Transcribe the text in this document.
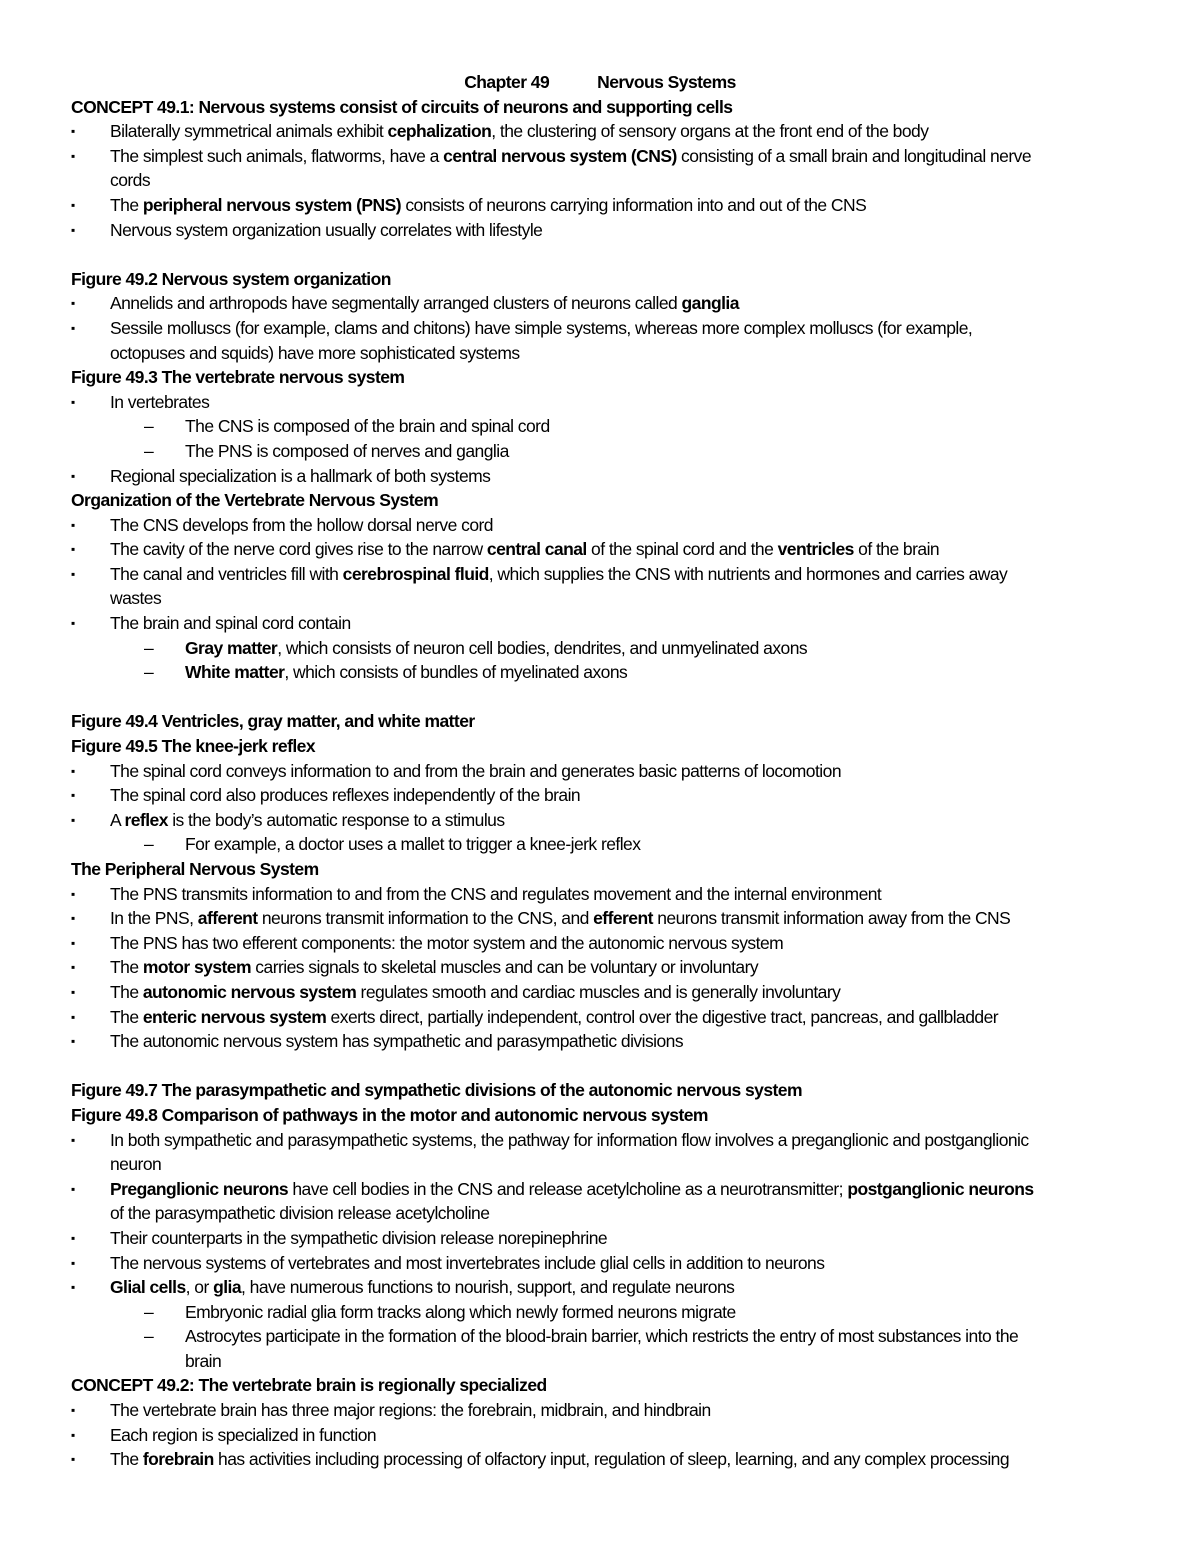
Chapter 49	Nervous Systems
CONCEPT 49.1: Nervous systems consist of circuits of neurons and supporting cells
▪ Bilaterally symmetrical animals exhibit cephalization, the clustering of sensory organs at the front end of the body
▪ The simplest such animals, flatworms, have a central nervous system (CNS) consisting of a small brain and longitudinal nerve
cords
▪ The peripheral nervous system (PNS) consists of neurons carrying information into and out of the CNS
▪ Nervous system organization usually correlates with lifestyle
Figure 49.2 Nervous system organization
▪ Annelids and arthropods have segmentally arranged clusters of neurons called ganglia
▪ Sessile molluscs (for example, clams and chitons) have simple systems, whereas more complex molluscs (for example,
octopuses and squids) have more sophisticated systems
Figure 49.3 The vertebrate nervous system
▪ In vertebrates
– The CNS is composed of the brain and spinal cord
– The PNS is composed of nerves and ganglia
▪ Regional specialization is a hallmark of both systems
Organization of the Vertebrate Nervous System
▪ The CNS develops from the hollow dorsal nerve cord
▪ The cavity of the nerve cord gives rise to the narrow central canal of the spinal cord and the ventricles of the brain
▪ The canal and ventricles fill with cerebrospinal fluid, which supplies the CNS with nutrients and hormones and carries away
wastes
▪ The brain and spinal cord contain
– Gray matter, which consists of neuron cell bodies, dendrites, and unmyelinated axons
– White matter, which consists of bundles of myelinated axons
Figure 49.4 Ventricles, gray matter, and white matter
Figure 49.5 The knee-jerk reflex
▪ The spinal cord conveys information to and from the brain and generates basic patterns of locomotion
▪ The spinal cord also produces reflexes independently of the brain
▪ A reflex is the body’s automatic response to a stimulus
– For example, a doctor uses a mallet to trigger a knee-jerk reflex
The Peripheral Nervous System
▪ The PNS transmits information to and from the CNS and regulates movement and the internal environment
▪ In the PNS, afferent neurons transmit information to the CNS, and efferent neurons transmit information away from the CNS
▪ The PNS has two efferent components: the motor system and the autonomic nervous system
▪ The motor system carries signals to skeletal muscles and can be voluntary or involuntary
▪ The autonomic nervous system regulates smooth and cardiac muscles and is generally involuntary
▪ The enteric nervous system exerts direct, partially independent, control over the digestive tract, pancreas, and gallbladder
▪ The autonomic nervous system has sympathetic and parasympathetic divisions
Figure 49.7 The parasympathetic and sympathetic divisions of the autonomic nervous system
Figure 49.8 Comparison of pathways in the motor and autonomic nervous system
▪ In both sympathetic and parasympathetic systems, the pathway for information flow involves a preganglionic and postganglionic
neuron
▪ Preganglionic neurons have cell bodies in the CNS and release acetylcholine as a neurotransmitter; postganglionic neurons
of the parasympathetic division release acetylcholine
▪ Their counterparts in the sympathetic division release norepinephrine
▪ The nervous systems of vertebrates and most invertebrates include glial cells in addition to neurons
▪ Glial cells, or glia, have numerous functions to nourish, support, and regulate neurons
– Embryonic radial glia form tracks along which newly formed neurons migrate
– Astrocytes participate in the formation of the blood-brain barrier, which restricts the entry of most substances into the
brain
CONCEPT 49.2: The vertebrate brain is regionally specialized
▪ The vertebrate brain has three major regions: the forebrain, midbrain, and hindbrain
▪ Each region is specialized in function
▪ The forebrain has activities including processing of olfactory input, regulation of sleep, learning, and any complex processing
